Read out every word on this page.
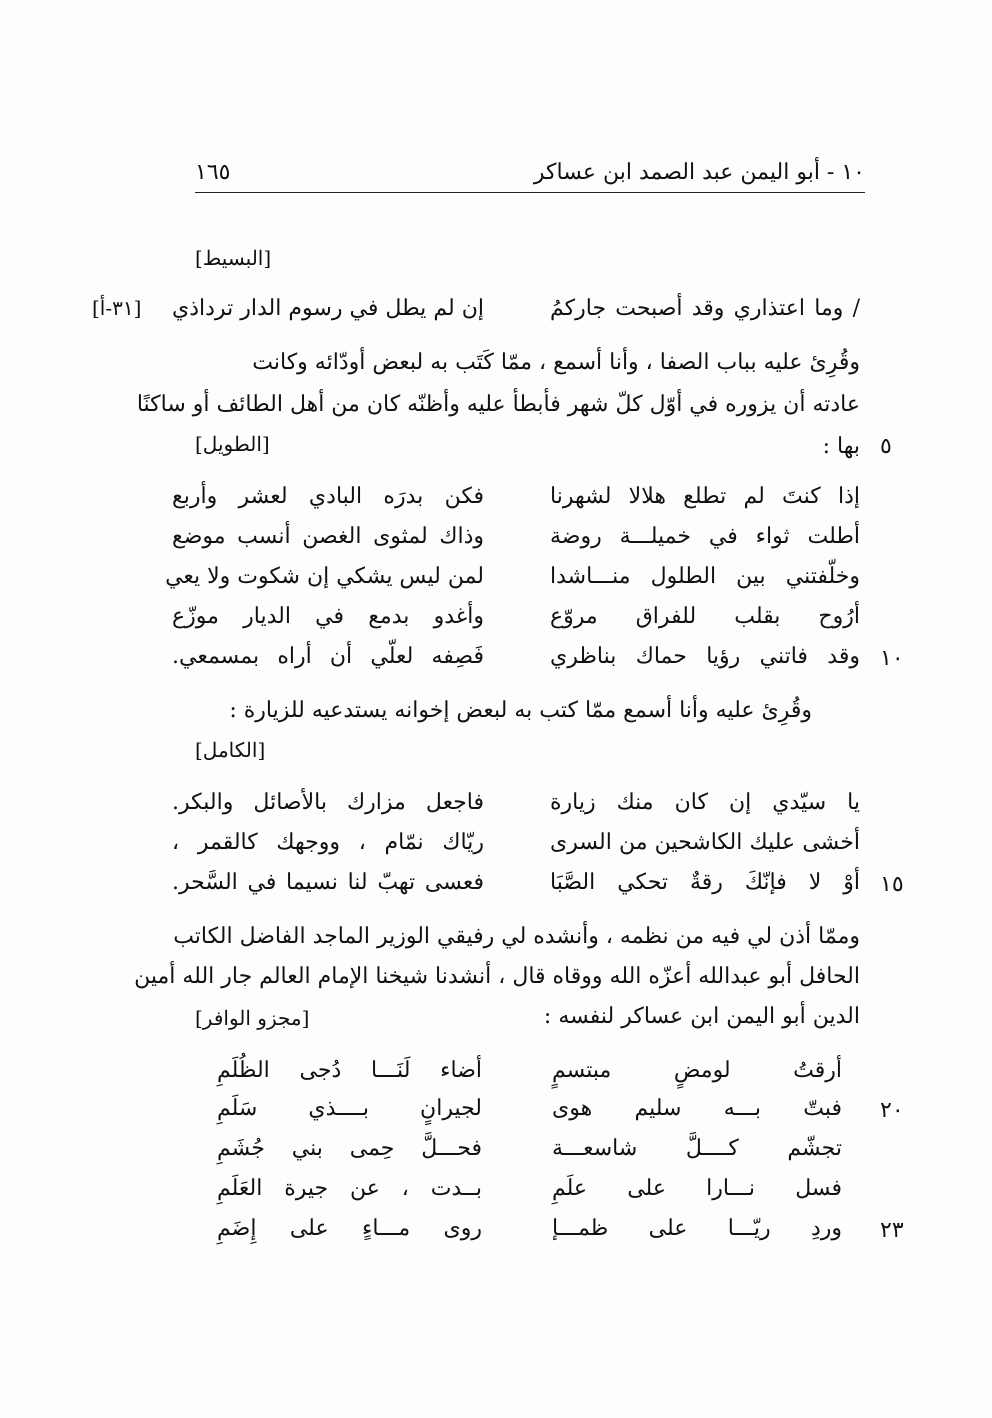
١٠ - أبو اليمن عبد الصمد ابن عساكر
١٦٥
[البسيط]
[٣١-أ]	/ وما اعتذاري وقد أصبحت جاركمُ
إن لم يطل في رسوم الدار ترداذي
وقُرِئ عليه بباب الصفا ، وأنا أسمع ، ممّا كَتَب به لبعض أودّائه وكانت
عادته أن يزوره في أوّل كلّ شهر فأبطأ عليه وأظنّه كان من أهل الطائف أو ساكنًا
بها : ٥
[الطويل]
إذا كنتَ لم تطلع هلالا لشهرنا
فكن بدرَه البادي لعشر وأربع
أطلت ثواء في خميلـــة روضة
وذاك لمثوى الغصن أنسب موضع
وخلّفتني بين الطلول منـــاشدا
لمن ليس يشكي إن شكوت ولا يعي
أرُوح بقلب للفراق مروّع
وأغدو بدمع في الديار موزّع
١٠
وقد فاتني رؤيا حماك بناظري
فَصِفه لعلّي أن أراه بمسمعي.
وقُرِئ عليه وأنا أسمع ممّا كتب به لبعض إخوانه يستدعيه للزيارة :
[الكامل]
يا سيّدي إن كان منك زيارة
فاجعل مزارك بالأصائل والبكر.
أخشى عليك الكاشحين من السرى
ريّاك نمّام ، ووجهك كالقمر ،
١٥
أوْ لا فإنّكَ رقةٌ تحكي الصَّبَا
فعسى تهبّ لنا نسيما في السَّحر.
وممّا أذن لي فيه من نظمه ، وأنشده لي رفيقي الوزير الماجد الفاضل الكاتب
الحافل أبو عبدالله أعزّه الله ووقاه قال ، أنشدنا شيخنا الإمام العالم جار الله أمين
الدين أبو اليمن ابن عساكر لنفسه :
[مجزو الوافر]
أرقتُ لومضٍ مبتسمٍ
أضاء لَنَـــا دُجى الظُلَمِ
٢٠
فبتّ بـــه سليم هوى
لجيرانٍ بــــذي سَلَمِ
تجشّم كــــلَّ شاسعـــة
فحـــلَّ حِمى بني جُشَمِ
فسل نـــارا على علَمِ
بــدت ، عن جيرة العَلَمِ
٢٣
وردِ ريّـــا على ظمـــإ
روى مـــاءٍ على إِضَمِ
